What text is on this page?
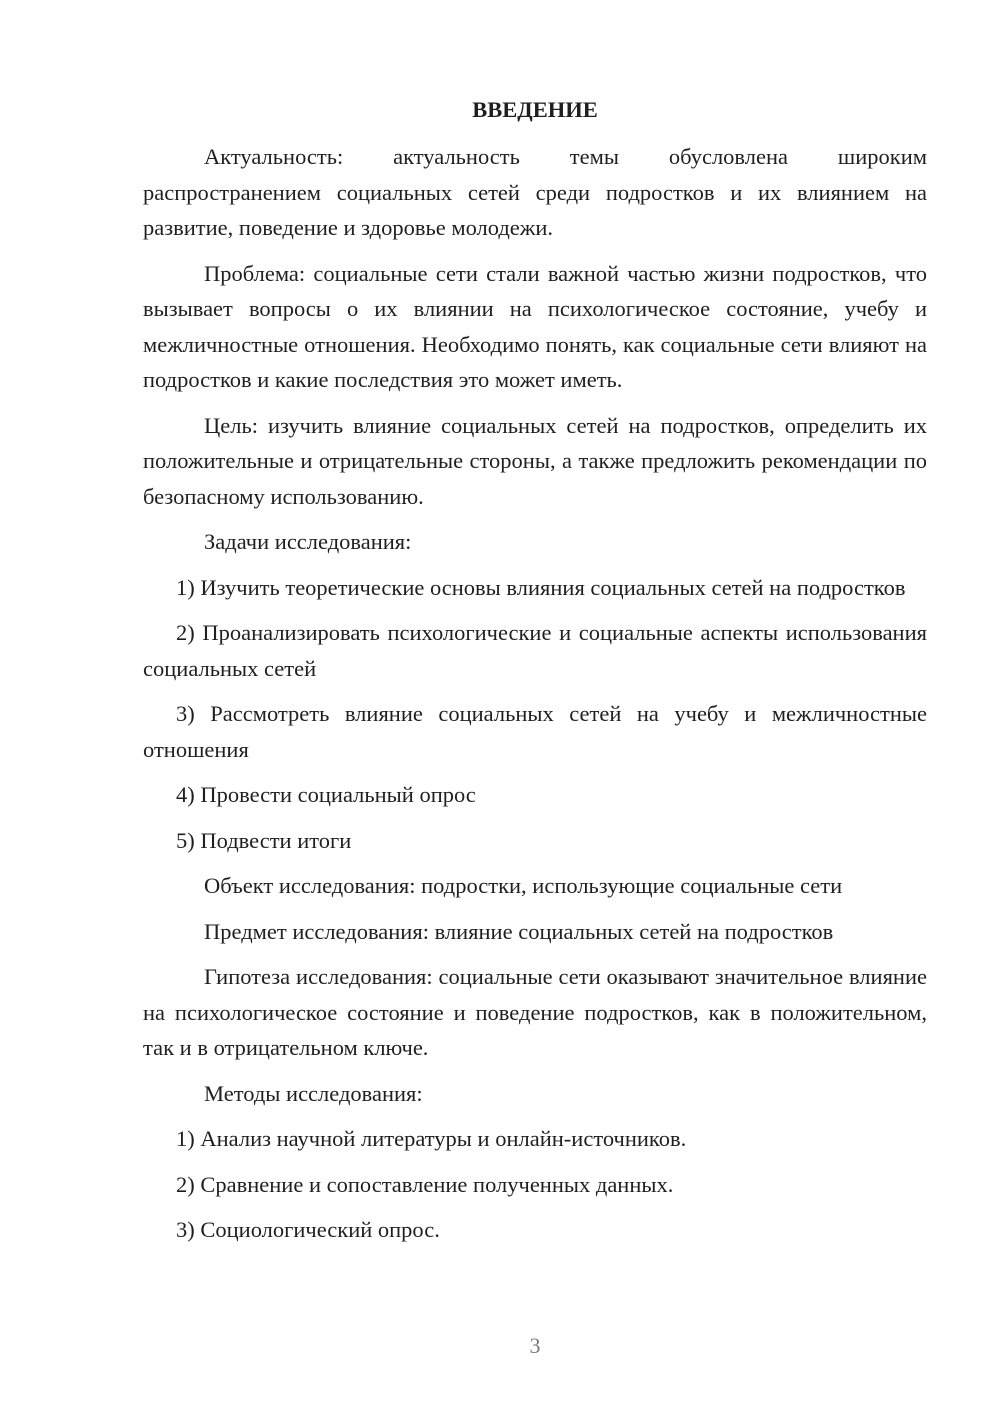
ВВЕДЕНИЕ

Актуальность: актуальность темы обусловлена широким распространением социальных сетей среди подростков и их влиянием на развитие, поведение и здоровье молодежи.

Проблема: социальные сети стали важной частью жизни подростков, что вызывает вопросы о их влиянии на психологическое состояние, учебу и межличностные отношения. Необходимо понять, как социальные сети влияют на подростков и какие последствия это может иметь.

Цель: изучить влияние социальных сетей на подростков, определить их положительные и отрицательные стороны, а также предложить рекомендации по безопасному использованию.

Задачи исследования:

1) Изучить теоретические основы влияния социальных сетей на подростков

2) Проанализировать психологические и социальные аспекты использования социальных сетей

3) Рассмотреть влияние социальных сетей на учебу и межличностные отношения

4) Провести социальный опрос

5) Подвести итоги

Объект исследования: подростки, использующие социальные сети

Предмет исследования: влияние социальных сетей на подростков

Гипотеза исследования: социальные сети оказывают значительное влияние на психологическое состояние и поведение подростков, как в положительном, так и в отрицательном ключе.

Методы исследования:

1) Анализ научной литературы и онлайн-источников.

2) Сравнение и сопоставление полученных данных.

3) Социологический опрос.

3
